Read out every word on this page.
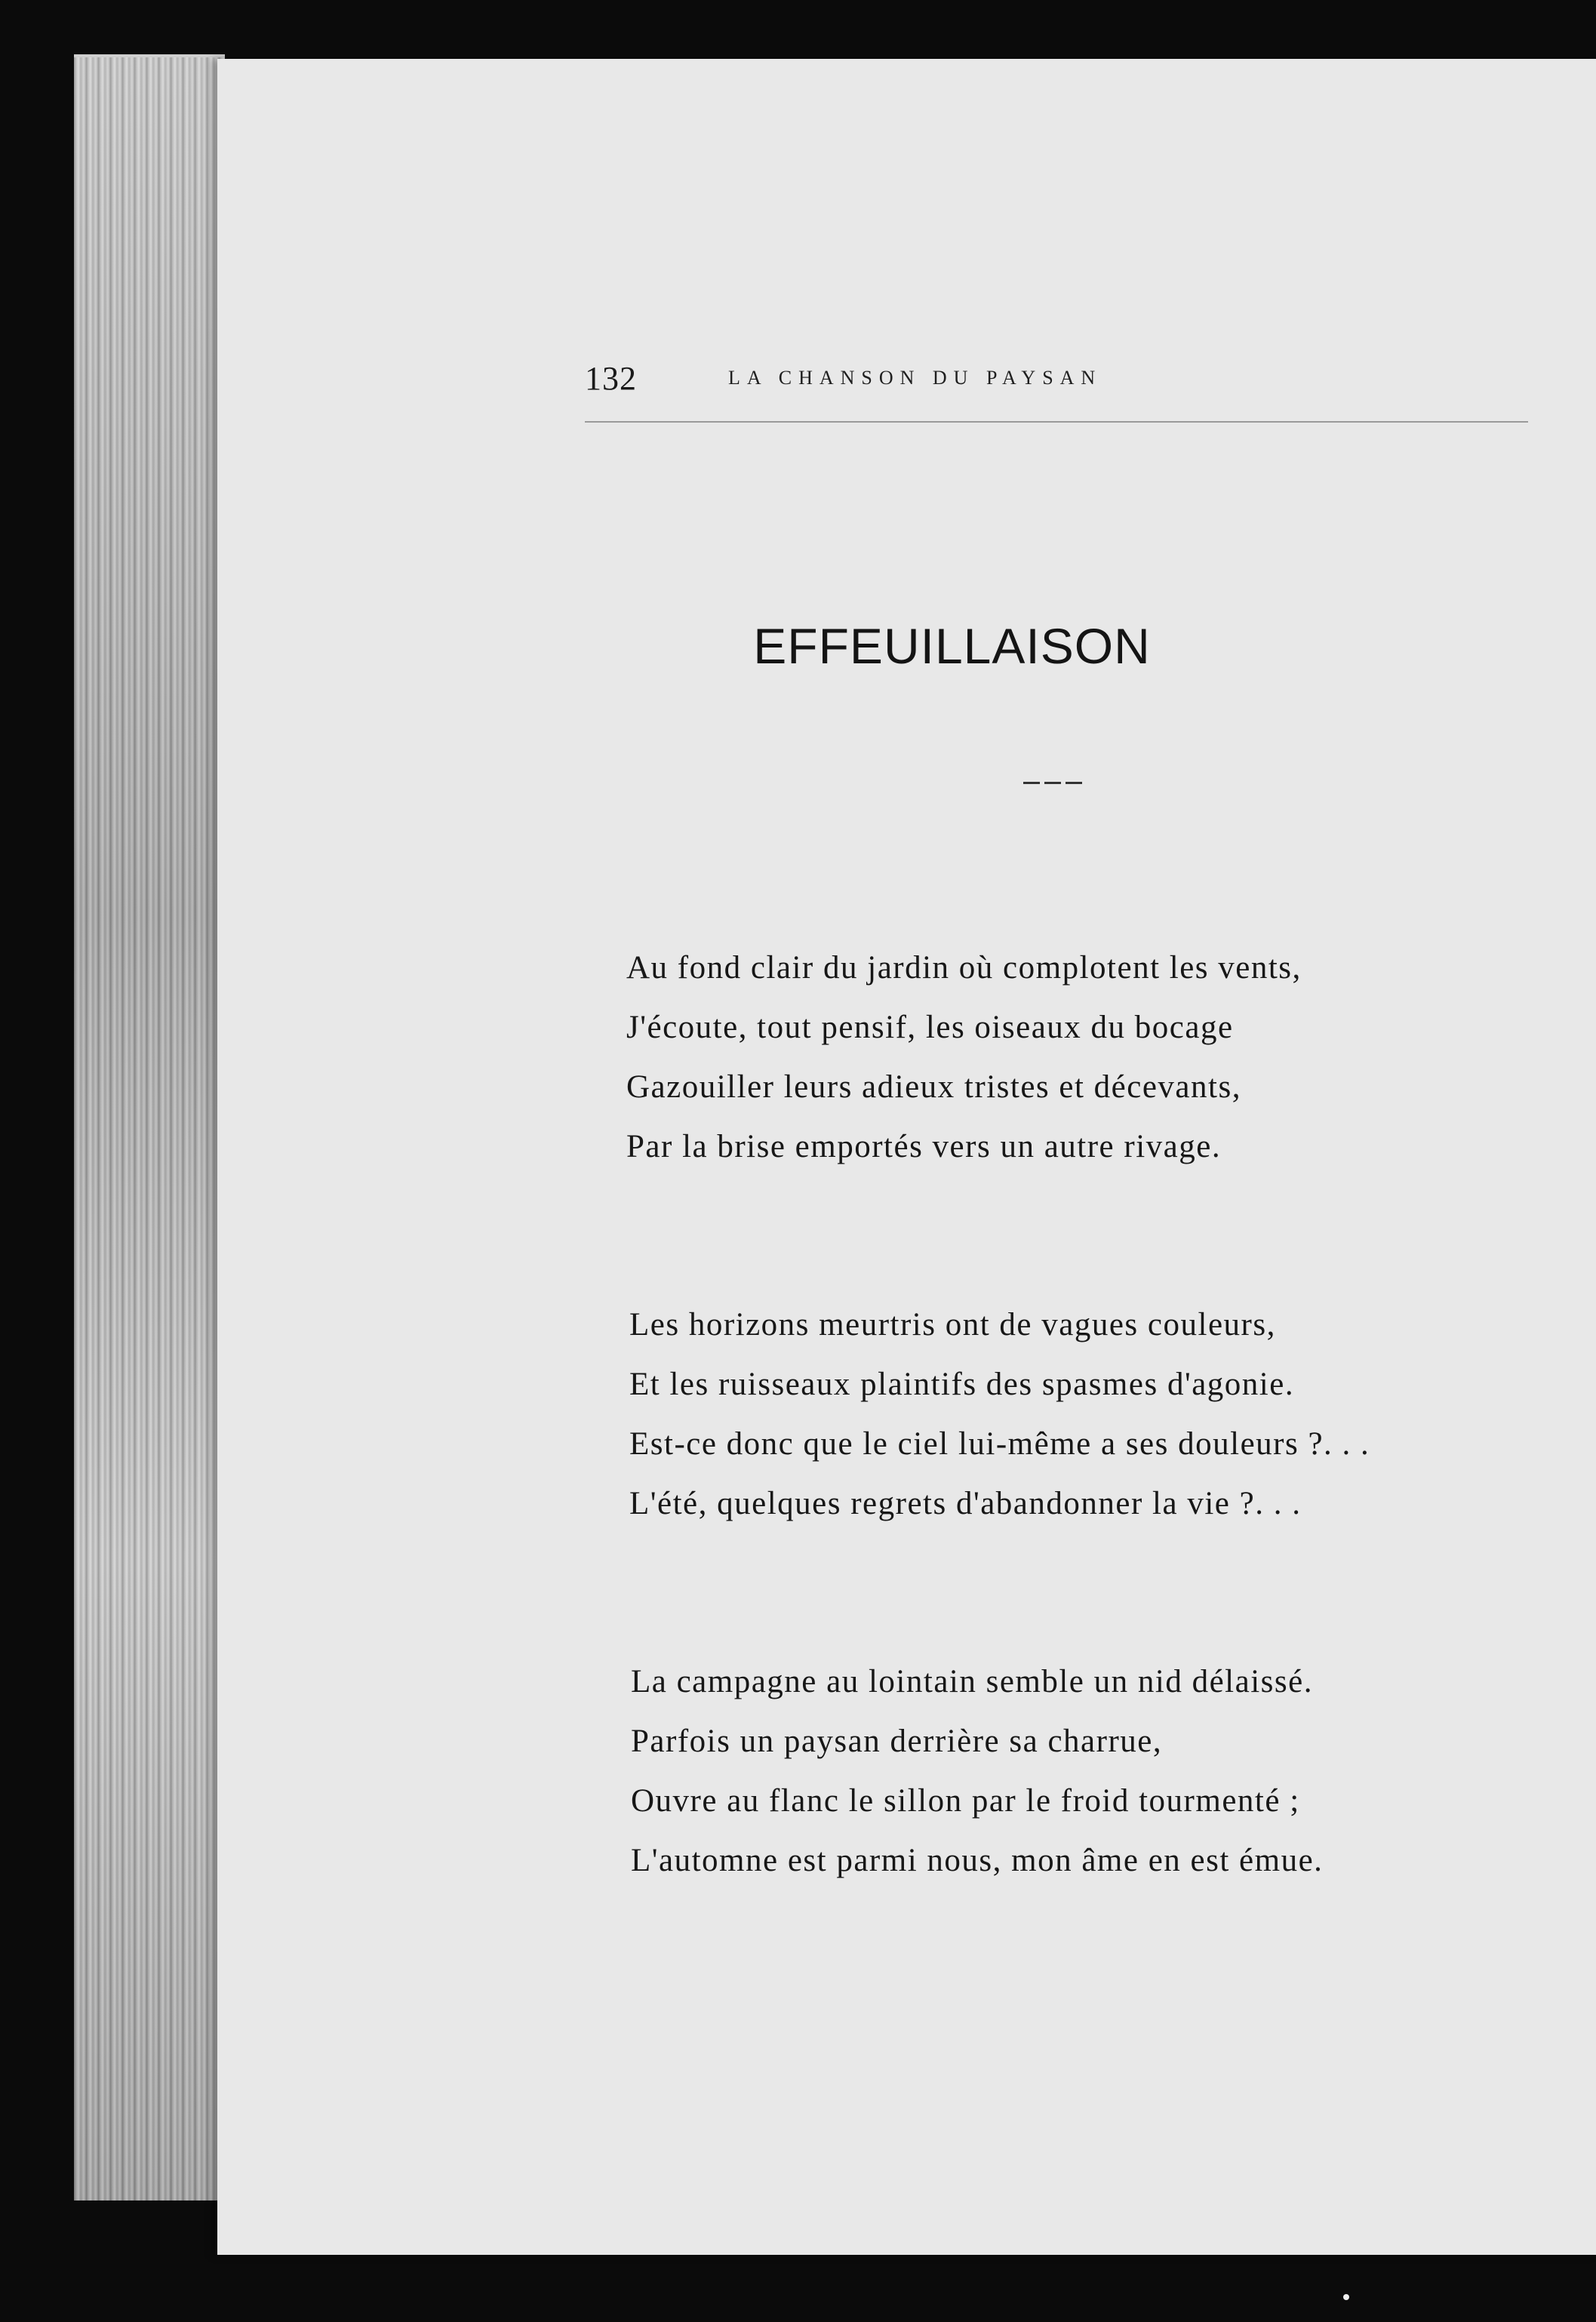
132	LA CHANSON DU PAYSAN
EFFEUILLAISON
Au fond clair du jardin où complotent les vents,
J'écoute, tout pensif, les oiseaux du bocage
Gazouiller leurs adieux tristes et décevants,
Par la brise emportés vers un autre rivage.
Les horizons meurtris ont de vagues couleurs,
Et les ruisseaux plaintifs des spasmes d'agonie.
Est-ce donc que le ciel lui-même a ses douleurs ?. . .
L'été, quelques regrets d'abandonner la vie ?. . .
La campagne au lointain semble un nid délaissé.
Parfois un paysan derrière sa charrue,
Ouvre au flanc le sillon par le froid tourmenté ;
L'automne est parmi nous, mon âme en est émue.
